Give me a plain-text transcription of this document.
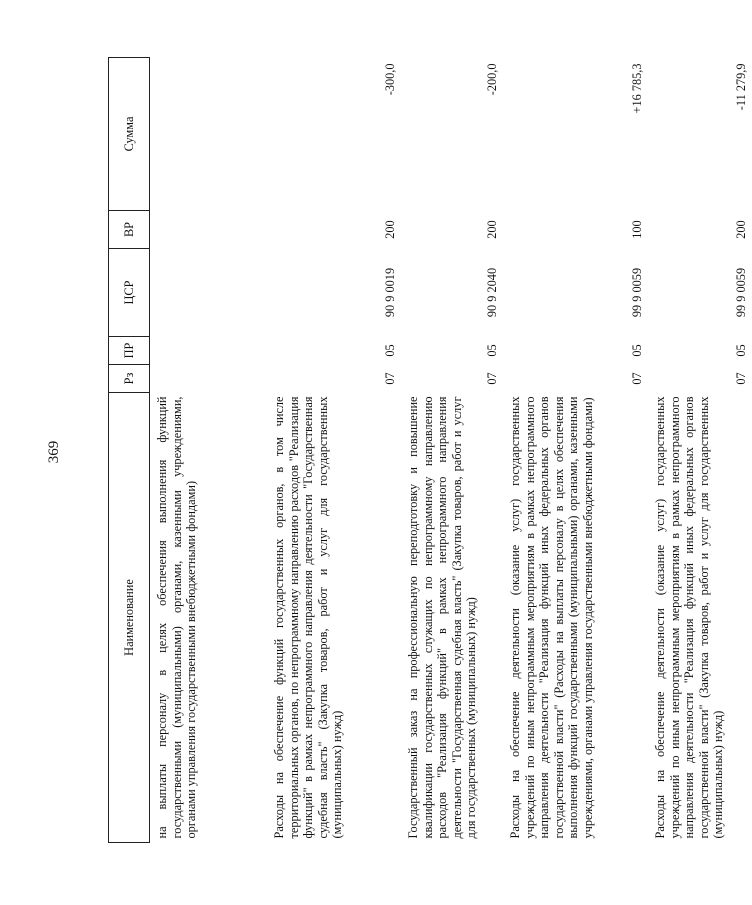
369
Наименование	Рз	ПР	ЦСР	ВР	Сумма
на выплаты персоналу в целях обеспечения выполнения функций государственными (муниципальными) органами, казенными учреждениями, органами управления государственными внебюджетными фондами)					
Расходы на обеспечение функций государственных органов, в том числе территориальных органов, по непрограммному направлению расходов "Реализация функций" в рамках непрограммного направления деятельности "Государственная судебная власть" (Закупка товаров, работ и услуг для государственных (муниципальных) нужд)	07	05	90 9 0019	200	-300,0
Государственный заказ на профессиональную переподготовку и повышение квалификации государственных служащих по непрограммному направлению расходов "Реализация функций" в рамках непрограммного направления деятельности "Государственная судебная власть" (Закупка товаров, работ и услуг для государственных (муниципальных) нужд)	07	05	90 9 2040	200	-200,0
Расходы на обеспечение деятельности (оказание услуг) государственных учреждений по иным непрограммным мероприятиям в рамках непрограммного направления деятельности "Реализация функций иных федеральных органов государственной власти" (Расходы на выплаты персоналу в целях обеспечения выполнения функций государственными (муниципальными) органами, казенными учреждениями, органами управления государственными внебюджетными фондами)	07	05	99 9 0059	100	+16 785,3
Расходы на обеспечение деятельности (оказание услуг) государственных учреждений по иным непрограммным мероприятиям в рамках непрограммного направления деятельности "Реализация функций иных федеральных органов государственной власти" (Закупка товаров, работ и услуг для государственных (муниципальных) нужд)	07	05	99 9 0059	200	-11 279,9
